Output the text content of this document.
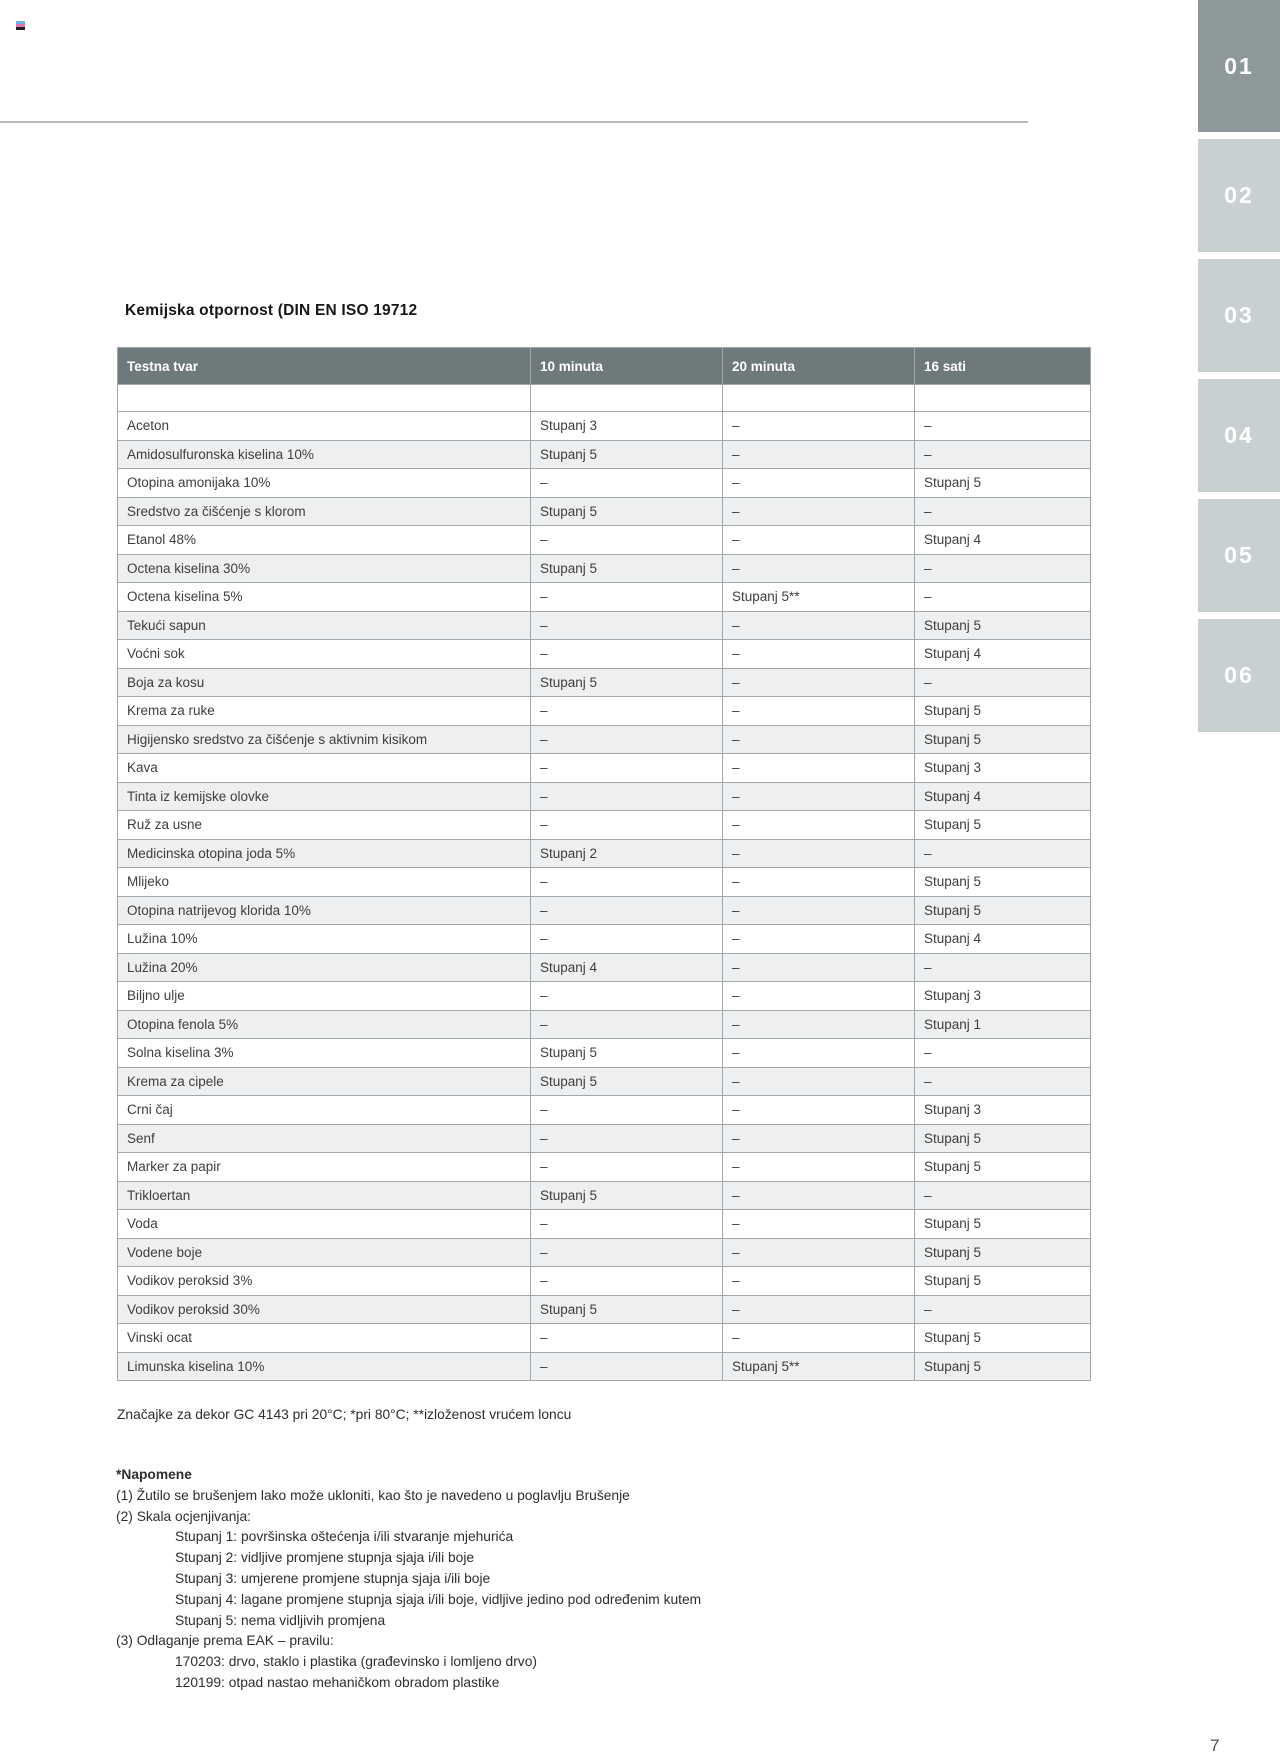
01
02
03
04
05
06
Kemijska otpornost (DIN EN ISO 19712
Testna tvar	10 minuta	20 minuta	16 sati

Aceton	Stupanj 3	–	–
Amidosulfuronska kiselina 10%	Stupanj 5	–	–
Otopina amonijaka 10%	–	–	Stupanj 5
Sredstvo za čišćenje s klorom	Stupanj 5	–	–
Etanol 48%	–	–	Stupanj 4
Octena kiselina 30%	Stupanj 5	–	–
Octena kiselina 5%	–	Stupanj 5**	–
Tekući sapun	–	–	Stupanj 5
Voćni sok	–	–	Stupanj 4
Boja za kosu	Stupanj 5	–	–
Krema za ruke	–	–	Stupanj 5
Higijensko sredstvo za čišćenje s aktivnim kisikom	–	–	Stupanj 5
Kava	–	–	Stupanj 3
Tinta iz kemijske olovke	–	–	Stupanj 4
Ruž za usne	–	–	Stupanj 5
Medicinska otopina joda 5%	Stupanj 2	–	–
Mlijeko	–	–	Stupanj 5
Otopina natrijevog klorida 10%	–	–	Stupanj 5
Lužina 10%	–	–	Stupanj 4
Lužina 20%	Stupanj 4	–	–
Biljno ulje	–	–	Stupanj 3
Otopina fenola 5%	–	–	Stupanj 1
Solna kiselina 3%	Stupanj 5	–	–
Krema za cipele	Stupanj 5	–	–
Crni čaj	–	–	Stupanj 3
Senf	–	–	Stupanj 5
Marker za papir	–	–	Stupanj 5
Trikloertan	Stupanj 5	–	–
Voda	–	–	Stupanj 5
Vodene boje	–	–	Stupanj 5
Vodikov peroksid 3%	–	–	Stupanj 5
Vodikov peroksid 30%	Stupanj 5	–	–
Vinski ocat	–	–	Stupanj 5
Limunska kiselina 10%	–	Stupanj 5**	Stupanj 5

Značajke za dekor GC 4143 pri 20°C; *pri 80°C; **izloženost vrućem loncu

*Napomene

(1) Žutilo se brušenjem lako može ukloniti, kao što je navedeno u poglavlju Brušenje

(2) Skala ocjenjivanja:

Stupanj 1: površinska oštećenja i/ili stvaranje mjehurića

Stupanj 2: vidljive promjene stupnja sjaja i/ili boje

Stupanj 3: umjerene promjene stupnja sjaja i/ili boje

Stupanj 4: lagane promjene stupnja sjaja i/ili boje, vidljive jedino pod određenim kutem

Stupanj 5: nema vidljivih promjena

(3) Odlaganje prema EAK – pravilu:

170203: drvo, staklo i plastika (građevinsko i lomljeno drvo)

120199: otpad nastao mehaničkom obradom plastike

7
